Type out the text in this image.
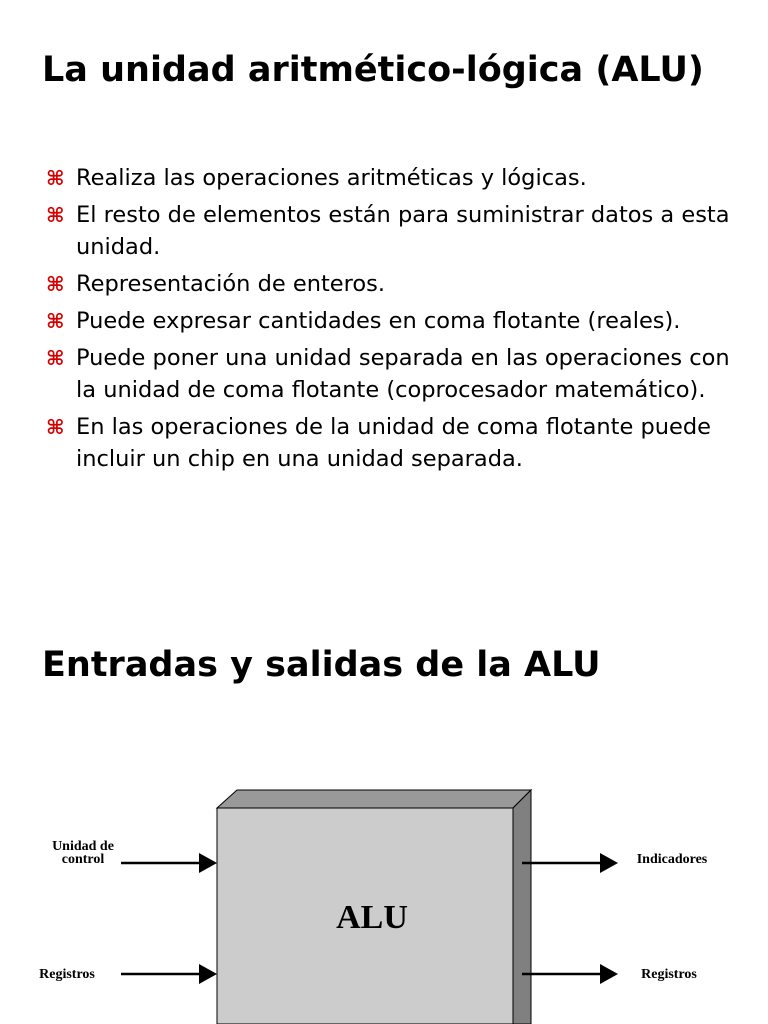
La unidad aritmético-lógica (ALU)
⌘ Realiza las operaciones aritméticas y lógicas.
⌘ El resto de elementos están para suministrar datos a esta unidad.
⌘ Representación de enteros.
⌘ Puede expresar cantidades en coma flotante (reales).
⌘ Puede poner una unidad separada en las operaciones con la unidad de coma flotante (coprocesador matemático).
⌘ En las operaciones de la unidad de coma flotante puede incluir un chip en una unidad separada.
Entradas y salidas de la ALU
ALU
Unidad de control
Registros
Indicadores
Registros
